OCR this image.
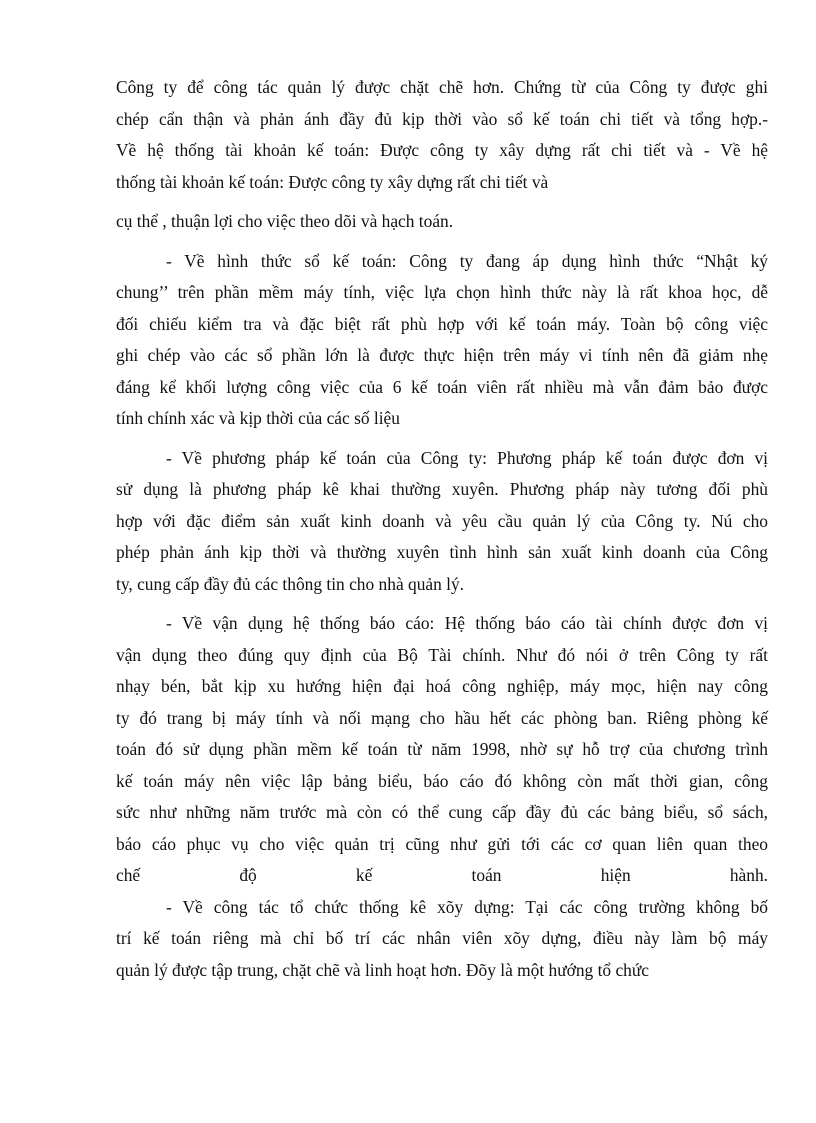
Công ty để công tác quản lý được chặt chẽ hơn. Chứng từ của Công ty được ghi
chép cẩn thận và phản ánh đầy đủ kịp thời vào sổ kế toán chi tiết và tổng hợp.-
Về hệ thống tài khoản kế toán: Được công ty xây dựng rất chi tiết và - Về hệ
thống tài khoản kế toán: Được công ty xây dựng rất chi tiết và
cụ thể , thuận lợi cho việc theo dõi và hạch toán.
- Về hình thức sổ kế toán: Công ty đang áp dụng hình thức “Nhật ký
chung’’ trên phần mềm máy tính, việc lựa chọn hình thức này là rất khoa học, dễ
đối chiếu kiểm tra và đặc biệt rất phù hợp với kế toán máy. Toàn bộ công việc
ghi chép vào các sổ phần lớn là được thực hiện trên máy vi tính nên đã giảm nhẹ
đáng kể khối lượng công việc của 6 kế toán viên rất nhiều mà vẫn đảm bảo được
tính chính xác và kịp thời của các số liệu
- Về phương pháp kế toán của Công ty: Phương pháp kế toán được đơn vị
sử dụng là phương pháp kê khai thường xuyên. Phương pháp này tương đối phù
hợp với đặc điểm sản xuất kinh doanh và yêu cầu quản lý của Công ty. Nú cho
phép phản ánh kịp thời và thường xuyên tình hình sản xuất kinh doanh của Công
ty, cung cấp đầy đủ các thông tin cho nhà quản lý.
- Về vận dụng hệ thống báo cáo: Hệ thống báo cáo tài chính được đơn vị
vận dụng theo đúng quy định của Bộ Tài chính. Như đó nói ở trên Công ty rất
nhạy bén, bắt kịp xu hướng hiện đại hoá công nghiệp, máy mọc, hiện nay công
ty đó trang bị máy tính và nối mạng cho hầu hết các phòng ban. Riêng phòng kế
toán đó sử dụng phần mềm kế toán từ năm 1998, nhờ sự hỗ trợ của chương trình
kế toán máy nên việc lập bảng biểu, báo cáo đó không còn mất thời gian, công
sức như những năm trước mà còn có thể cung cấp đầy đủ các bảng biểu, sổ sách,
báo cáo phục vụ cho việc quản trị cũng như gửi tới các cơ quan liên quan theo
chế độ kế toán hiện hành.
- Về công tác tổ chức thống kê xõy dựng: Tại các công trường không bố
trí kế toán riêng mà chỉ bố trí các nhân viên xõy dựng, điều này làm bộ máy
quản lý được tập trung, chặt chẽ và linh hoạt hơn. Đõy là một hướng tổ chức
